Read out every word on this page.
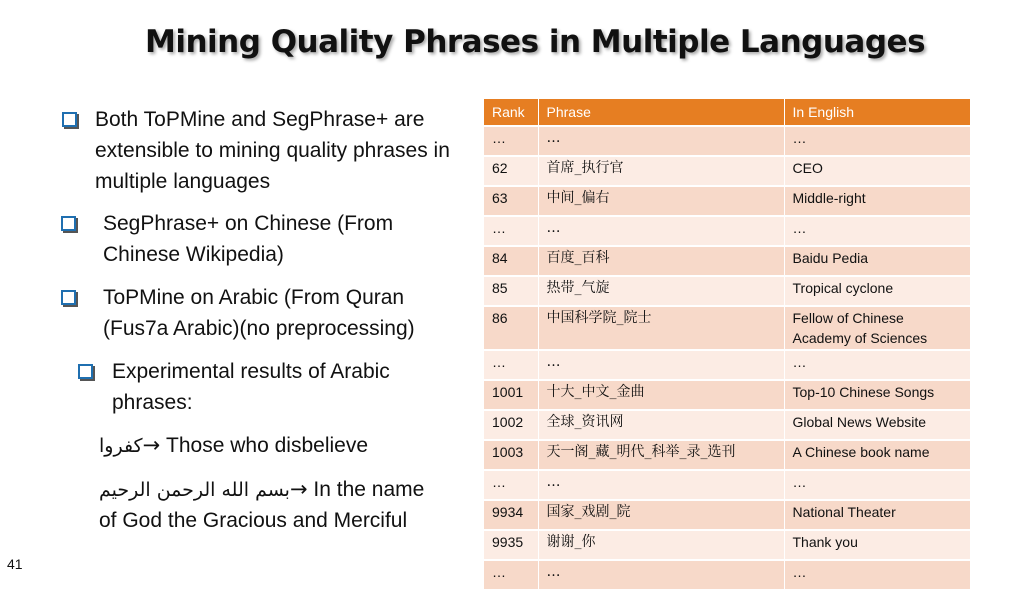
Mining Quality Phrases in Multiple Languages
Both ToPMine and SegPhrase+ are extensible to mining quality phrases in multiple languages
SegPhrase+ on Chinese (From Chinese Wikipedia)
ToPMine on Arabic (From Quran (Fus7a Arabic)(no preprocessing)
Experimental results of Arabic phrases:
كفروا→ Those who disbelieve
بسم الله الرحمن الرحيم→ In the name
of God the Gracious and Merciful
Rank	Phrase	In English
…	…	…
62	首席_执行官	CEO
63	中间_偏右	Middle-right
…	…	…
84	百度_百科	Baidu Pedia
85	热带_气旋	Tropical cyclone
86	中国科学院_院士	Fellow of Chinese Academy of Sciences
…	…	…
1001	十大_中文_金曲	Top-10 Chinese Songs
1002	全球_资讯网	Global News Website
1003	天一阁_藏_明代_科举_录_选刊	A Chinese book name
…	…	…
9934	国家_戏剧_院	National Theater
9935	谢谢_你	Thank you
…	…	…
41
